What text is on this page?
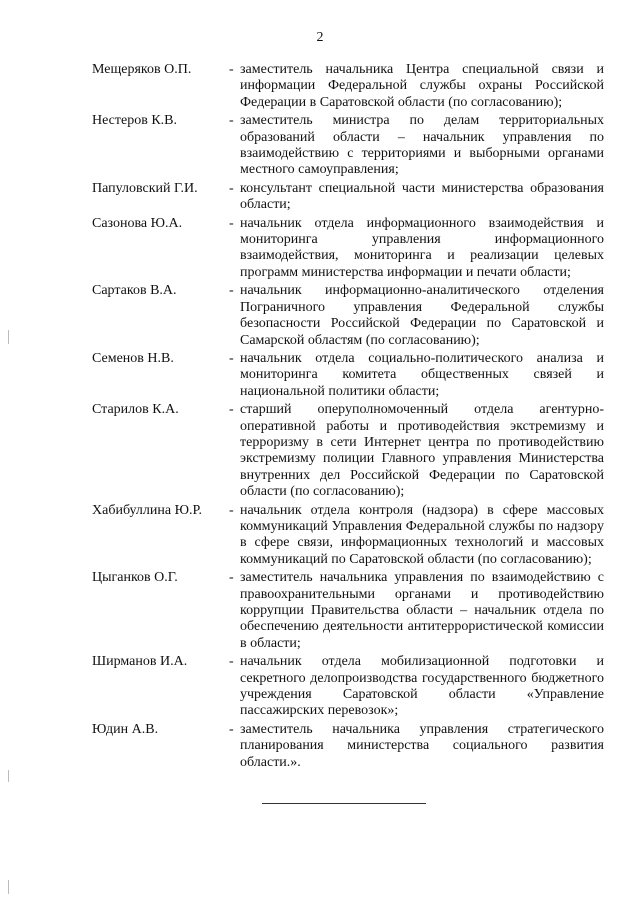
2
Мещеряков О.П.	- заместитель начальника Центра специальной связи и информации Федеральной службы охраны Российской Федерации в Саратовской области (по согласованию);
Нестеров К.В.	- заместитель министра по делам территориальных образований области – начальник управления по взаимодействию с территориями и выборными органами местного самоуправления;
Папуловский Г.И.	- консультант специальной части министерства образования области;
Сазонова Ю.А.	- начальник отдела информационного взаимодействия и мониторинга управления информационного взаимодействия, мониторинга и реализации целевых программ министерства информации и печати области;
Сартаков В.А.	- начальник информационно-аналитического отделения Пограничного управления Федеральной службы безопасности Российской Федерации по Саратовской и Самарской областям (по согласованию);
Семенов Н.В.	- начальник отдела социально-политического анализа и мониторинга комитета общественных связей и национальной политики области;
Старилов К.А.	- старший оперуполномоченный отдела агентурно-оперативной работы и противодействия экстремизму и терроризму в сети Интернет центра по противодействию экстремизму полиции Главного управления Министерства внутренних дел Российской Федерации по Саратовской области (по согласованию);
Хабибуллина Ю.Р.	- начальник отдела контроля (надзора) в сфере массовых коммуникаций Управления Федеральной службы по надзору в сфере связи, информационных технологий и массовых коммуникаций по Саратовской области (по согласованию);
Цыганков О.Г.	- заместитель начальника управления по взаимодействию с правоохранительными органами и противодействию коррупции Правительства области – начальник отдела по обеспечению деятельности антитеррористической комиссии в области;
Ширманов И.А.	- начальник отдела мобилизационной подготовки и секретного делопроизводства государственного бюджетного учреждения Саратовской области «Управление пассажирских перевозок»;
Юдин А.В.	- заместитель начальника управления стратегического планирования министерства социального развития области.».
